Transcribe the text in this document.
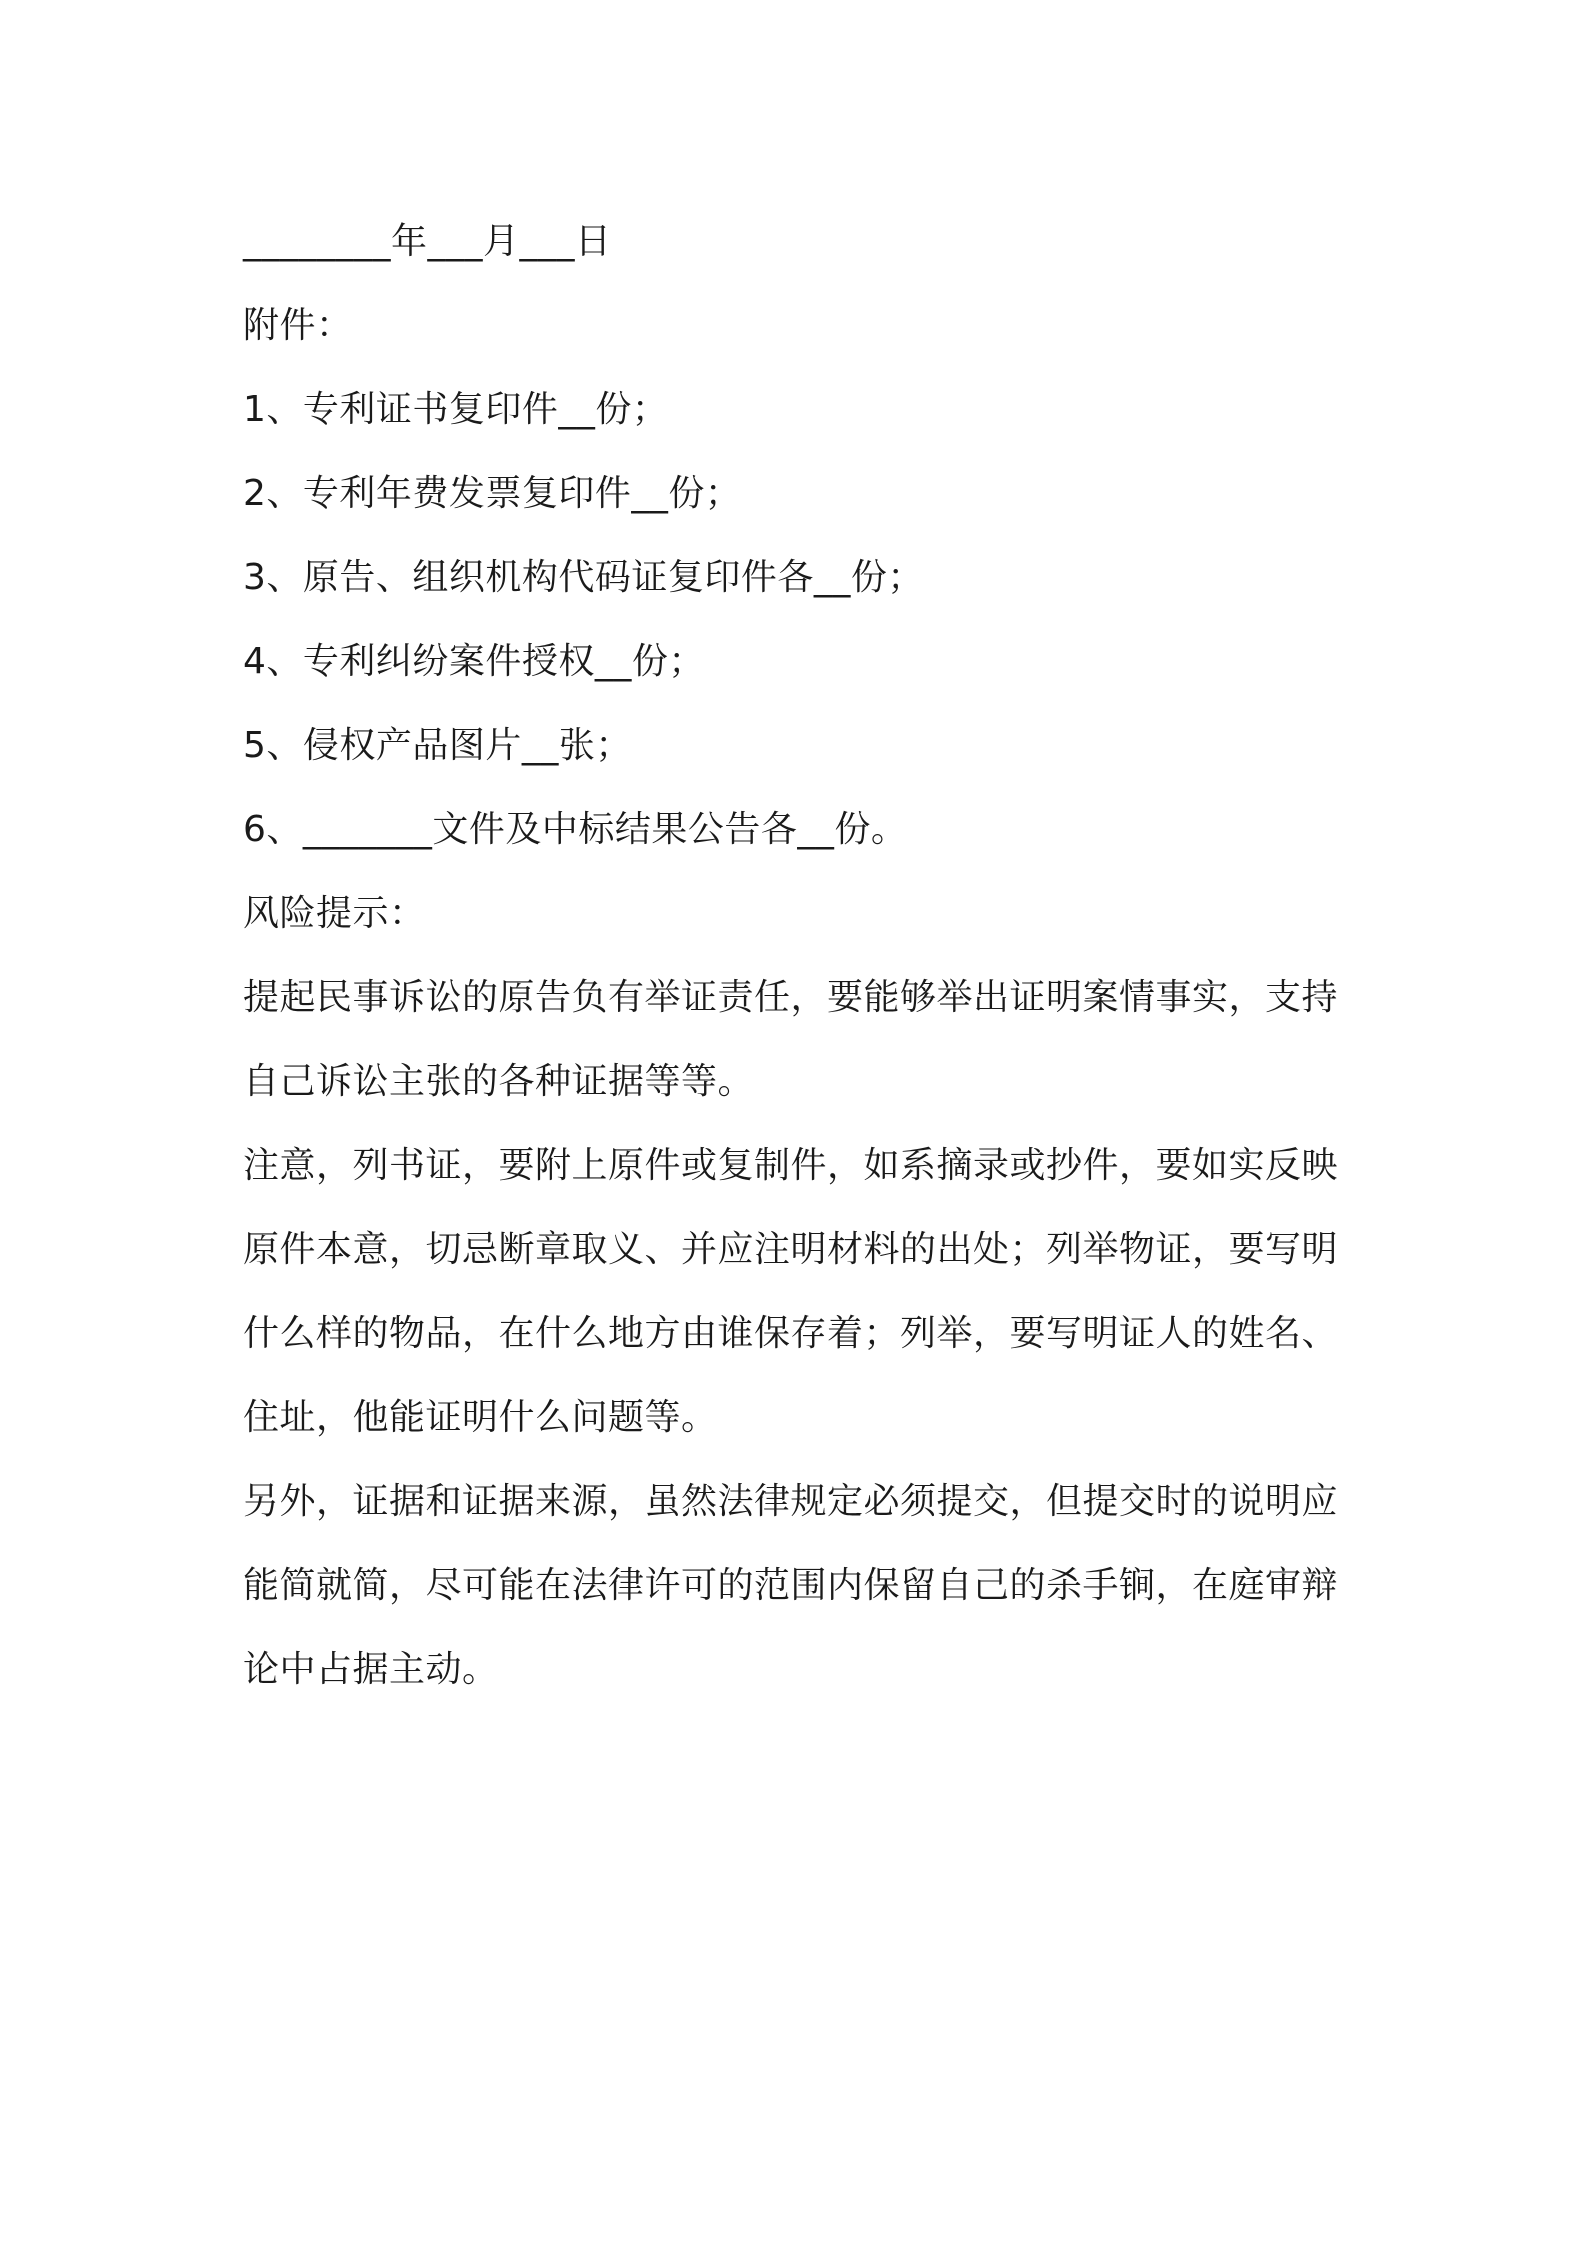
________年___月___日

附件：

1、专利证书复印件__份；

2、专利年费发票复印件__份；

3、原告、组织机构代码证复印件各__份；

4、专利纠纷案件授权__份；

5、侵权产品图片__张；

6、_______文件及中标结果公告各__份。

风险提示：

提起民事诉讼的原告负有举证责任，要能够举出证明案情事实，支持自己诉讼主张的各种证据等等。

注意，列书证，要附上原件或复制件，如系摘录或抄件，要如实反映原件本意，切忌断章取义、并应注明材料的出处；列举物证，要写明什么样的物品，在什么地方由谁保存着；列举，要写明证人的姓名、住址，他能证明什么问题等。

另外，证据和证据来源，虽然法律规定必须提交，但提交时的说明应能简就简，尽可能在法律许可的范围内保留自己的杀手锏，在庭审辩论中占据主动。
